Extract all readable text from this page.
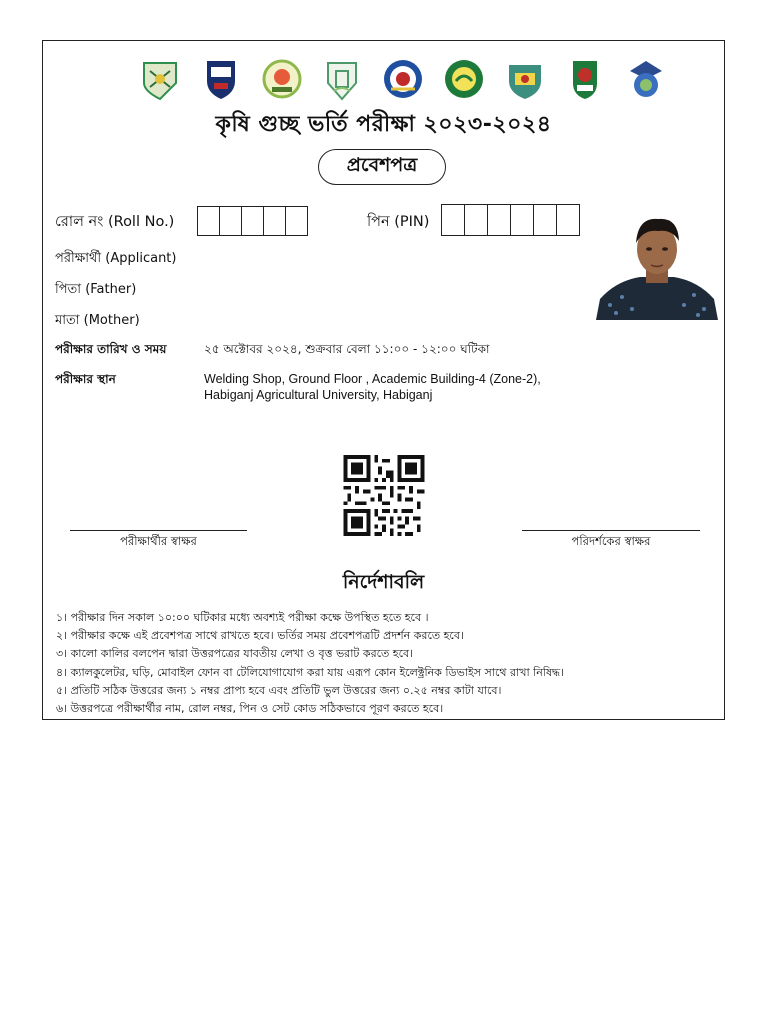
কৃষি গুচ্ছ ভর্তি পরীক্ষা ২০২৩-২০২৪
প্রবেশপত্র
রোল নং (Roll No.)	পিন (PIN)
পরীক্ষার্থী (Applicant)
পিতা (Father)
মাতা (Mother)
পরীক্ষার তারিখ ও সময়	২৫ অক্টোবর ২০২৪, শুক্রবার বেলা ১১:০০ - ১২:০০ ঘটিকা
পরীক্ষার স্থান	Welding Shop, Ground Floor , Academic Building-4 (Zone-2),
Habiganj Agricultural University, Habiganj
পরীক্ষার্থীর স্বাক্ষর	পরিদর্শকের স্বাক্ষর
নির্দেশাবলি
১। পরীক্ষার দিন সকাল ১০:০০ ঘটিকার মধ্যে অবশ্যই পরীক্ষা কক্ষে উপস্থিত হতে হবে ।
২। পরীক্ষার কক্ষে এই প্রবেশপত্র সাথে রাখতে হবে। ভর্তির সময় প্রবেশপত্রটি প্রদর্শন করতে হবে।
৩। কালো কালির বলপেন দ্বারা উত্তরপত্রের যাবতীয় লেখা ও বৃত্ত ভরাট করতে হবে।
৪। ক্যালকুলেটর, ঘড়ি, মোবাইল ফোন বা টেলিযোগাযোগ করা যায় এরূপ কোন ইলেক্ট্রনিক ডিভাইস সাথে রাখা নিষিদ্ধ।
৫। প্রতিটি সঠিক উত্তরের জন্য ১ নম্বর প্রাপ্য হবে এবং প্রতিটি ভুল উত্তরের জন্য ০.২৫ নম্বর কাটা যাবে।
৬। উত্তরপত্রে পরীক্ষার্থীর নাম, রোল নম্বর, পিন ও সেট কোড সঠিকভাবে পূরণ করতে হবে।
